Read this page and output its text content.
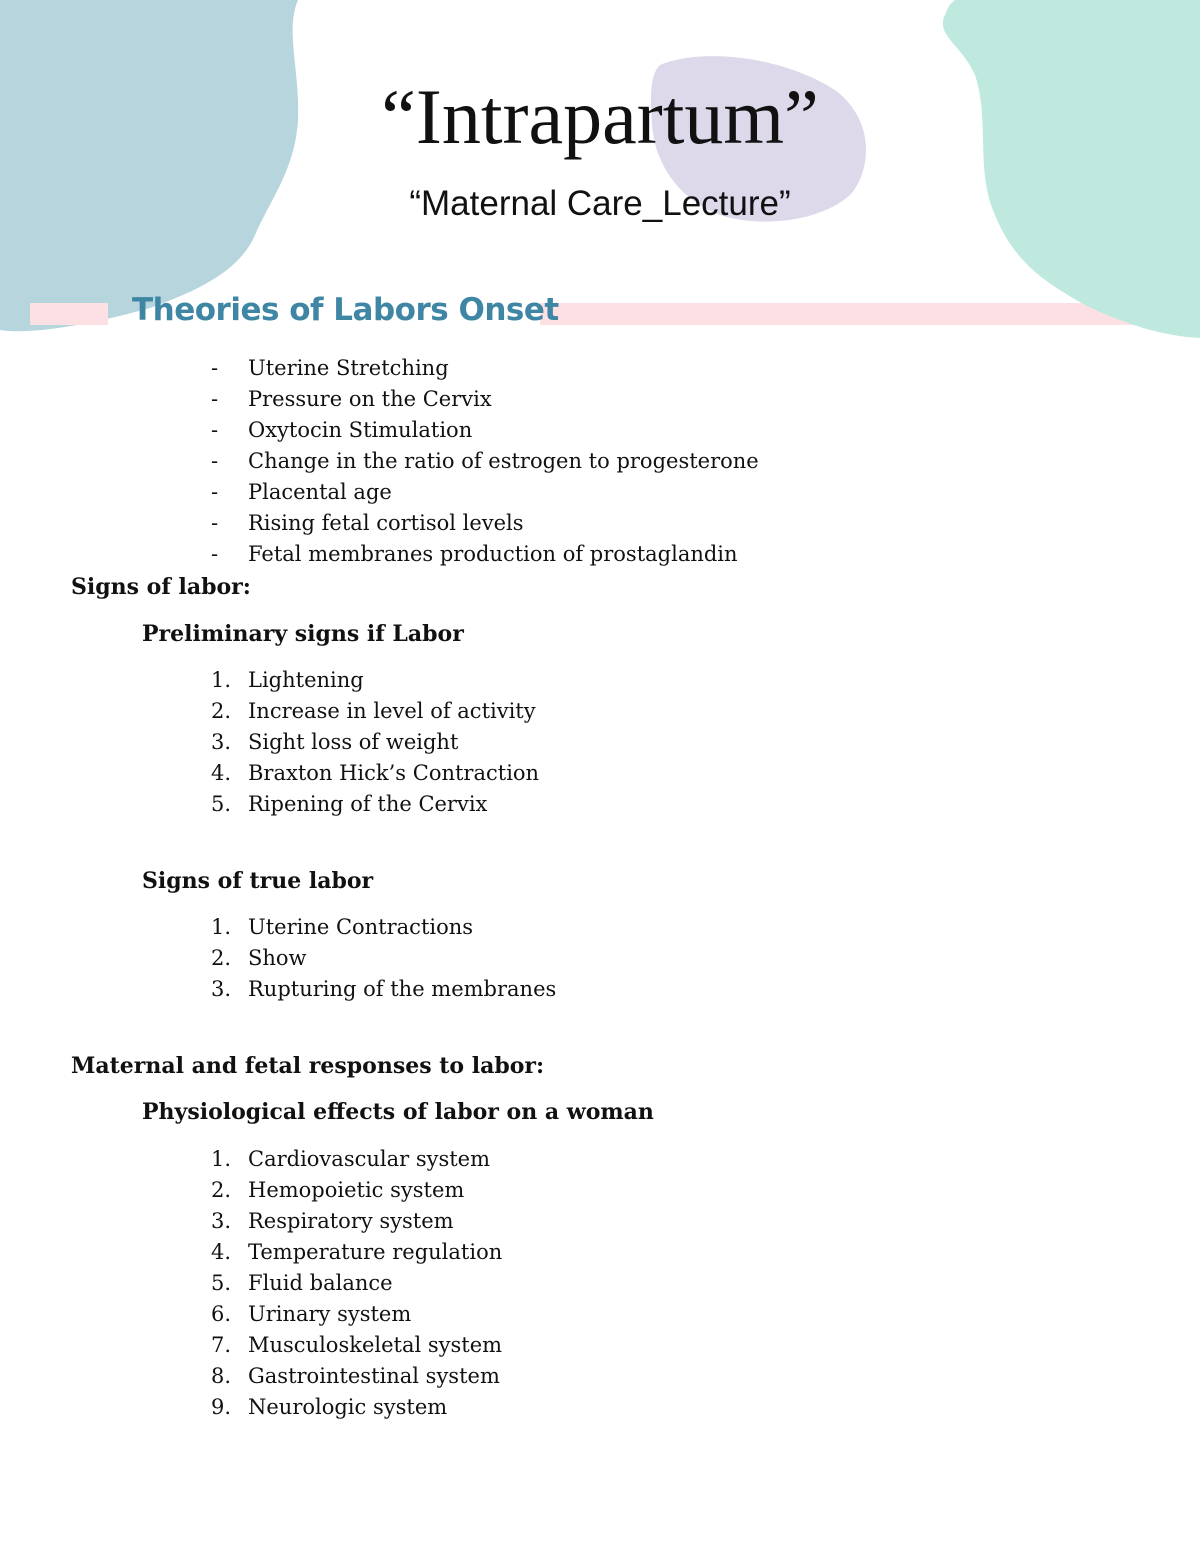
“Intrapartum”

“Maternal Care_Lecture”

Theories of Labors Onset
- Uterine Stretching
- Pressure on the Cervix
- Oxytocin Stimulation
- Change in the ratio of estrogen to progesterone
- Placental age
- Rising fetal cortisol levels
- Fetal membranes production of prostaglandin
Signs of labor:
Preliminary signs if Labor
1. Lightening
2. Increase in level of activity
3. Sight loss of weight
4. Braxton Hick’s Contraction
5. Ripening of the Cervix
Signs of true labor
1. Uterine Contractions
2. Show
3. Rupturing of the membranes
Maternal and fetal responses to labor:
Physiological effects of labor on a woman
1. Cardiovascular system
2. Hemopoietic system
3. Respiratory system
4. Temperature regulation
5. Fluid balance
6. Urinary system
7. Musculoskeletal system
8. Gastrointestinal system
9. Neurologic system
